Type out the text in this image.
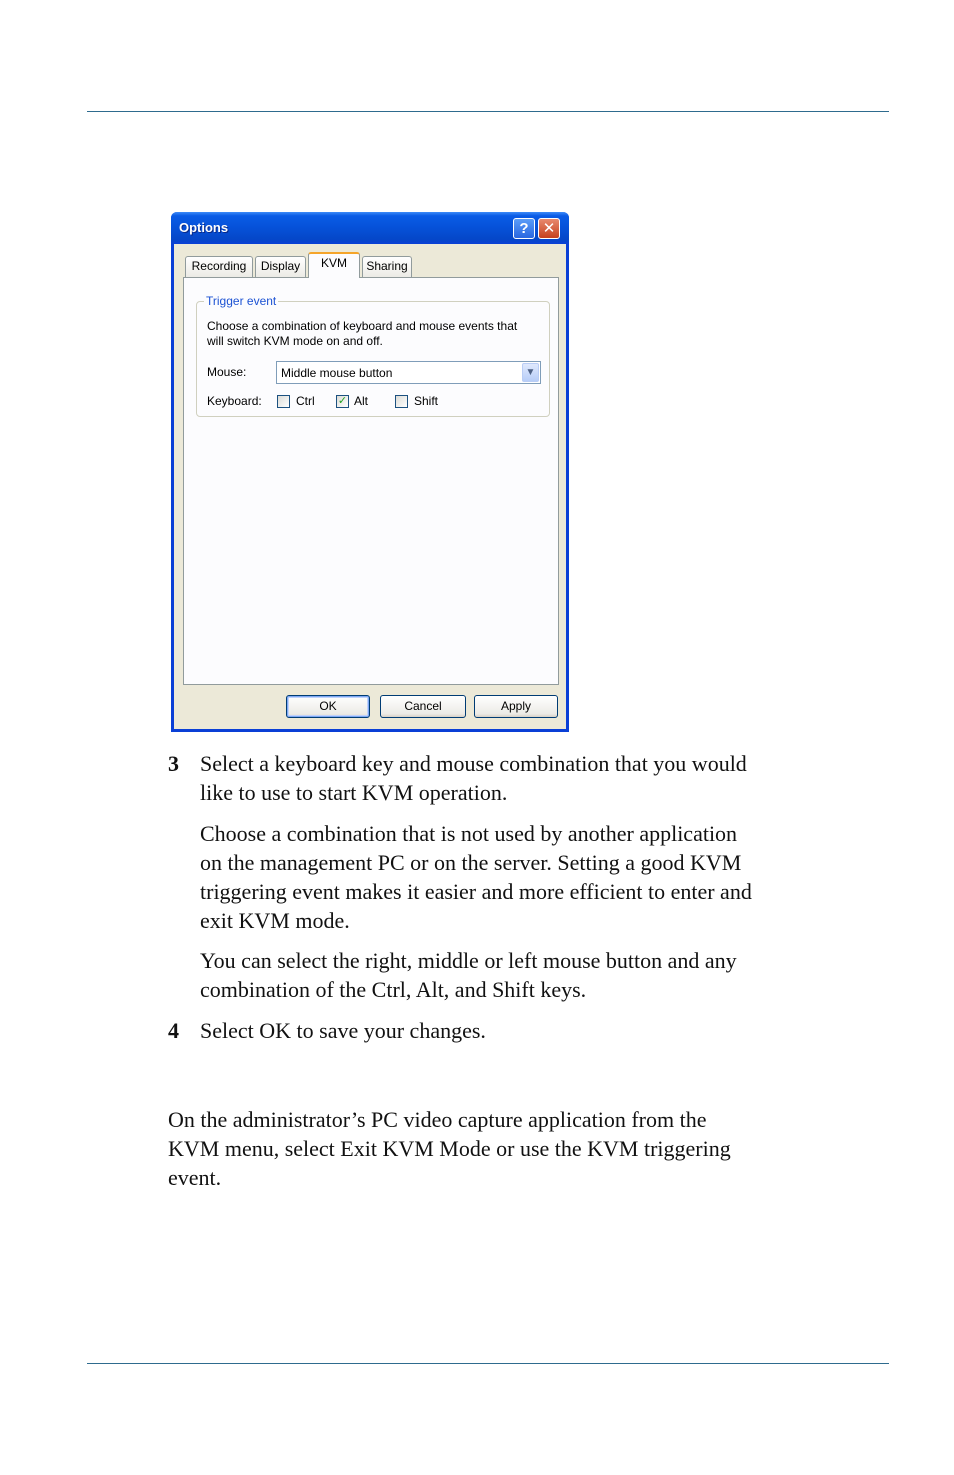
Options	? ✕
Recording	Display	KVM	Sharing
Trigger event
Choose a combination of keyboard and mouse events that will switch KVM mode on and off.
Mouse:	Middle mouse button	▼
Keyboard:	Ctrl ✓ Alt	Shift
OK	Cancel	Apply
3 Select a keyboard key and mouse combination that you would
like to use to start KVM operation.
Choose a combination that is not used by another application
on the management PC or on the server. Setting a good KVM
triggering event makes it easier and more efficient to enter and
exit KVM mode.
You can select the right, middle or left mouse button and any
combination of the Ctrl, Alt, and Shift keys.
4 Select OK to save your changes.
On the administrator’s PC video capture application from the
KVM menu, select Exit KVM Mode or use the KVM triggering
event.
